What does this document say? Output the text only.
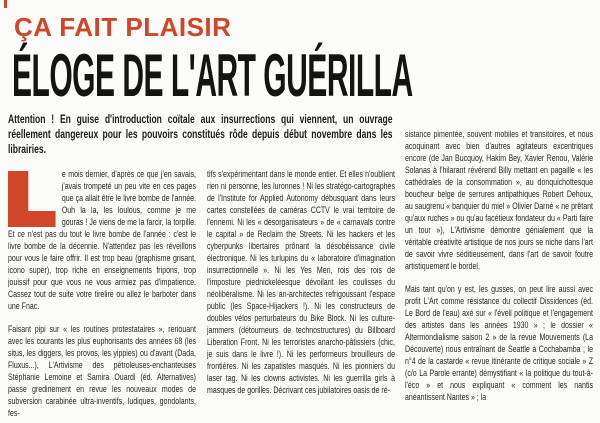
ÇA FAIT PLAISIR
ÉLOGE DE L'ART GUÉRILLA

Attention ! En guise d'introduction coïtale aux insurrections qui viennent, un ouvrage réellement dangereux pour les pouvoirs constitués rôde depuis début novembre dans les librairies.

e mois dernier, d'après ce que j'en savais, j'avais trompeté un peu vite en ces pages que ça allait être le livre bombe de l'année. Ouh la la, les loulous, comme je me gouras ! Je viens de me la farcir, la torpille. Et ce n'est pas du tout le livre bombe de l'année : c'est le livre bombe de la décennie. N'attendez pas les réveillons pour vous le faire offrir. Il est trop beau (graphisme grisant, icono super), trop riche en enseignements fripons, trop jouissif pour que vous ne vous armiez pas d'impatience. Cassez tout de suite votre tirelire ou allez le barboter dans une Fnac.

Faisant pipi sur « les routines protestataires », renouant avec les courants les plus euphorisants des années 68 (les situs, les diggers, les provos, les yippies) ou d'avant (Dada, Fluxus...), L'Artivisme des pétroleuses-enchanteuses Stéphanie Lemoine et Samira Ouardi (éd. Alternatives) passe gredinement en revue les nouveaux modes de subversion carabinée ultra-inventifs, ludiques, gondolants, fes-

tifs s'expérimentant dans le monde entier. Et elles n'oublient rien ni personne, les luronnes ! Ni les stratégo-cartographes de l'Institute for Applied Autonomy débusquant dans leurs cartes constellées de caméras CCTV le vrai territoire de l'ennemi. Ni les « désorganisateurs » de « carnavals contre le capital » de Reclaim the Streets. Ni les hackers et les cyberpunks libertaires prônant la désobéissance civile électronique. Ni les turlupins du « laboratoire d'imagination insurrectionnelle ». Ni les Yes Men, rois des rois de l'imposture piednickeléesque dévoilant les coulisses du néolibéralisme. Ni les an-architectes refrigoussant l'espace public (les Space-Hijackers !). Ni les constructeurs de doubles vélos perturbateurs du Bike Block. Ni les culture-jammers (détourneurs de technostructures) du Billboard Liberation Front. Ni les terroristes anarcho-pâtissiers (chic, je suis dans le livre !). Ni les performeurs brouilleurs de frontières. Ni les zapatistes masqués. Ni les pionniers du laser tag. Ni les clowns activistes. Ni les guerrilla girls à masques de gorilles. Décrivant ces jubilatoires oasis de ré-

sistance pimentée, souvent mobiles et transitoires, et nous acoquinant avec bien d'autres agitateurs excentriques encore (de Jan Bucquoy, Hakim Bey, Xavier Renou, Valérie Solanas à l'hilarant révérend Billy mettant en pagaille « les cathédrales de la consommation », au donquichottesque boucheur belge de serrures antipathiques Robert Dehoux, au saugrenu « banquier du miel » Olivier Darné « ne prêtant qu'aux ruches » ou qu'au facétieux fondateur du « Parti faire un tour »), L'Artivisme démontre génialement que la véritable créativité artistique de nos jours se niche dans l'art de savoir vivre séditieusement, dans l'art de savoir foutre artistiquement le bordel.

Mais tant qu'on y est, les gusses, on peut lire aussi avec profit L'Art comme résistance du collectif Dissidences (éd. Le Bord de l'eau) axé sur « l'éveil politique et l'engagement des artistes dans les années 1930 » ; le dossier « Altermondialisme saison 2 » de la revue Mouvements (La Découverte) nous entraînant de Seattle à Cochabamba ; le n°4 de la castarde « revue itinérante de critique sociale » Z (c/o La Parole errante) démystifiant « la politique du tout-à-l'éco » et nous expliquant « comment les nantis anéantissent Nantes » ; la
